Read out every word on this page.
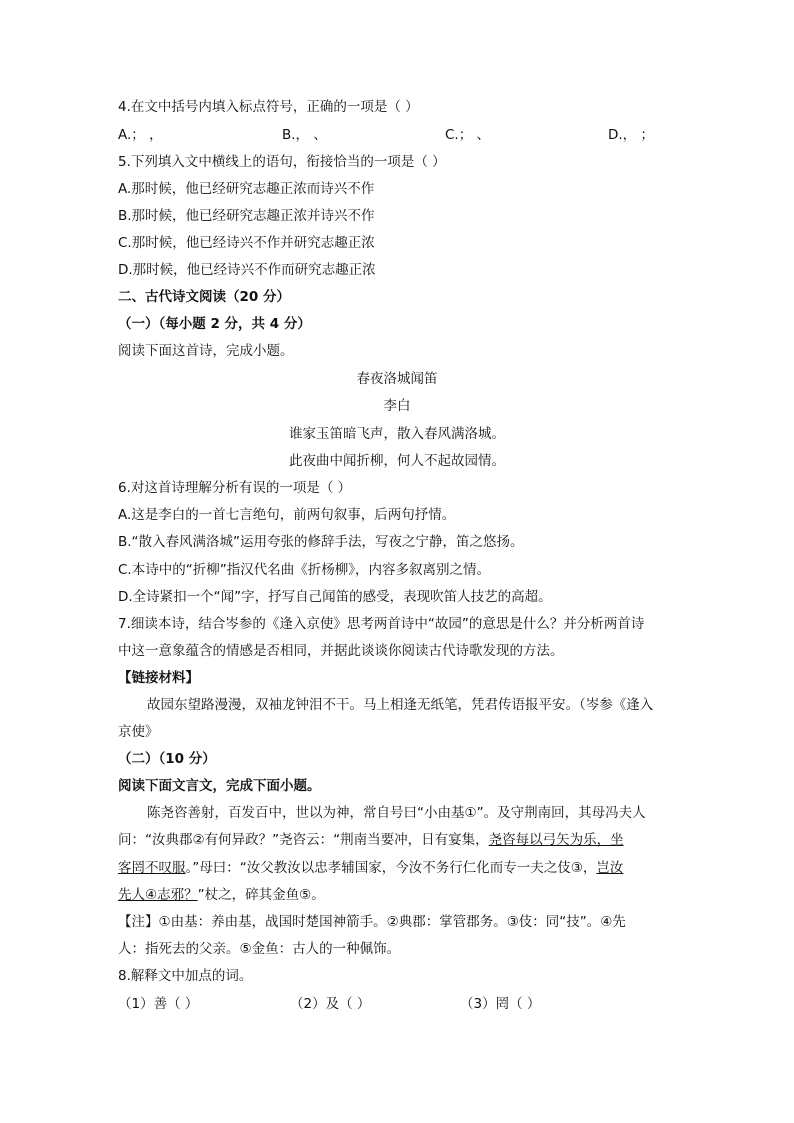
4.在文中括号内填入标点符号，正确的一项是（ ）
A.； ，	B.， 、	C.； 、	D.， ；
5.下列填入文中横线上的语句，衔接恰当的一项是（ ）
A.那时候，他已经研究志趣正浓而诗兴不作
B.那时候，他已经研究志趣正浓并诗兴不作
C.那时候，他已经诗兴不作并研究志趣正浓
D.那时候，他已经诗兴不作而研究志趣正浓
二、古代诗文阅读（20 分）
（一）（每小题 2 分，共 4 分）
阅读下面这首诗，完成小题。
春夜洛城闻笛
李白
谁家玉笛暗飞声，散入春风满洛城。
此夜曲中闻折柳，何人不起故园情。
6.对这首诗理解分析有误的一项是（ ）
A.这是李白的一首七言绝句，前两句叙事，后两句抒情。
B.“散入春风满洛城”运用夸张的修辞手法，写夜之宁静，笛之悠扬。
C.本诗中的“折柳”指汉代名曲《折杨柳》，内容多叙离别之情。
D.全诗紧扣一个“闻”字，抒写自己闻笛的感受，表现吹笛人技艺的高超。
7.细读本诗，结合岑参的《逢入京使》思考两首诗中“故园”的意思是什么？并分析两首诗
中这一意象蕴含的情感是否相同，并据此谈谈你阅读古代诗歌发现的方法。
【链接材料】
故园东望路漫漫，双袖龙钟泪不干。马上相逢无纸笔，凭君传语报平安。（岑参《逢入
京使》
（二）（10 分）
阅读下面文言文，完成下面小题。
陈尧咨善射，百发百中，世以为神，常自号曰“小由基①”。及守荆南回，其母冯夫人
问：“汝典郡②有何异政？”尧咨云：“荆南当要冲，日有宴集，尧咨每以弓矢为乐，坐
客罔不叹服。”母曰：“汝父教汝以忠孝辅国家，今汝不务行仁化而专一夫之伎③，岂汝
先人④志邪？”杖之，碎其金鱼⑤。
【注】①由基：养由基，战国时楚国神箭手。②典郡：掌管郡务。③伎：同“技”。④先
人：指死去的父亲。⑤金鱼：古人的一种佩饰。
8.解释文中加点的词。
（1）善（ ）	（2）及（ ）	（3）罔（ ）
